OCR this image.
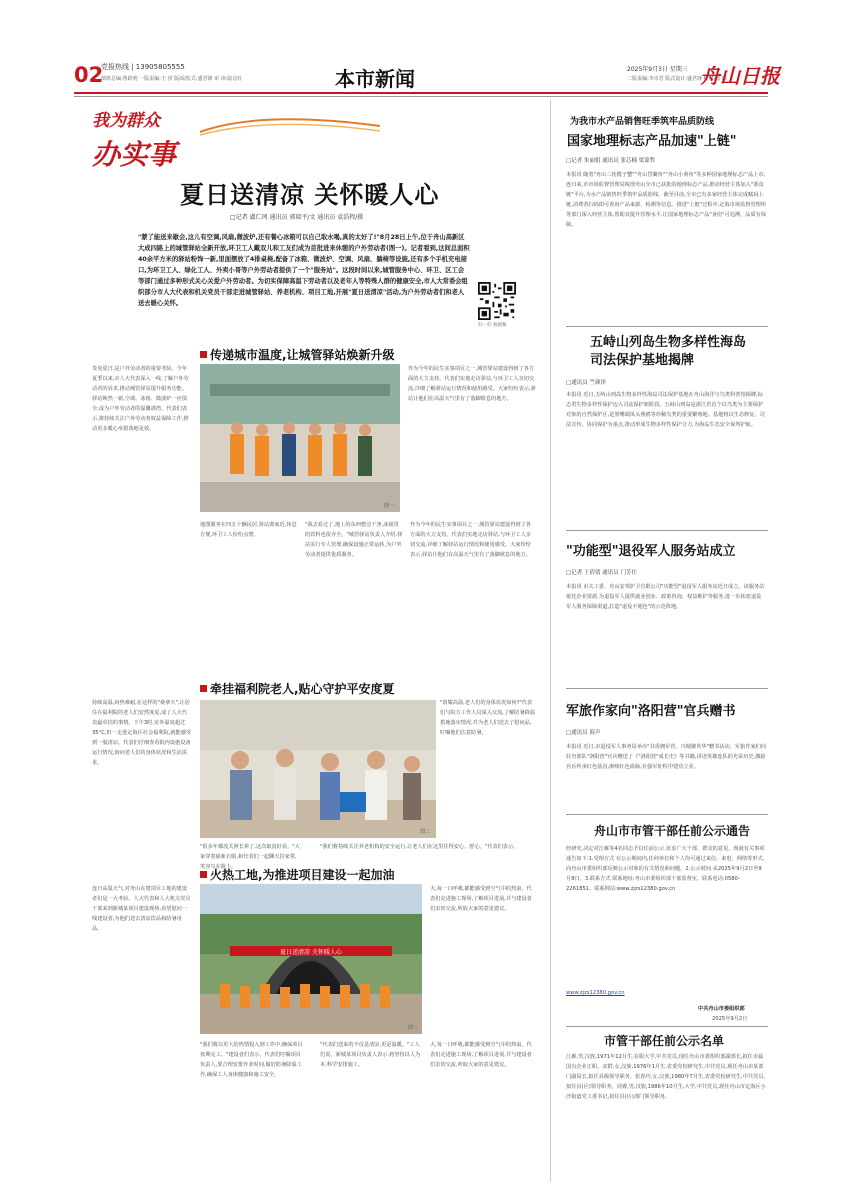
02
党报热线 | 13905805555
值班总编:鲁跃明 一版责编:王 滢 版面/监式:盛君锋 审 读:陆洁红	本市新闻	2025年9月3日 星期三
二版责编:李卓君 版式设计:盛君锋 校对:陆 琼
舟山日报
我为群众
办实事
夏日送清凉 关怀暖人心
□记者 盧仁珂 通讯员 郭瑞平/文 通讯员 袁浩程/摄
"蒙了能送来歇会,这儿有空调,风扇,微波炉,还有餐心冰箱可以自己取水喝,真的太好了!"8月28日上午,位于舟山高新区大成四路上的城管驿站全新开放,环卫工人戴双儿和工友们成为首批进来休憩的户外劳动者(图一)。记者看到,这间总面积40余平方米的驿站粉饰一新,里面摆放了4排桌椅,配备了冰箱、微波炉、空调、风扇、躺椅等设施,还有多个手机充电接口,为环卫工人、绿化工人、外卖小哥等户外劳动者提供了一个"服务站"。这段时间以来,城管服务中心、环卫、区工会等部门通过多种形式关心关爱户外劳动者。为切实保障高温下劳动者以及老年人等特殊人群的健康安全,市人大常委会组织部分市人大代表和机关党员干部走进城管驿站、养老机构、项目工地,开展"夏日送清凉"活动,为户外劳动者们和老人送去暖心关怀。
扫一扫 看视频
传递城市温度,让城管驿站焕新升级
炎炎夏日,是户外劳动者的重要考验。今年夏季以来,市人大代表深入一线,了解户外劳动者的诉求,推动城管驿站提升服务功能。驿站焕然一新,空调、冰箱、微波炉一应俱全,成为户外劳动者的温馨港湾。代表们表示,将持续关注户外劳动者权益保障工作,推动更多暖心举措落地见效。
图一
作为今年的民生实事项目之一,城管驿站建设得到了各方面的大力支持。代表们实地走访驿站,与环卫工人亲切交流,详细了解驿站运行情况和使用感受。大家纷纷表示,驿站让他们在高温天气里有了落脚歇息的地方。
地图服务在四五十辆民居,驿站离家近,休息方便,环卫工人纷纷点赞。
"我去看过了,地上的东西整洁干净,冰箱里的饮料也很齐全。"城管驿站负责人介绍,驿站实行专人管理,确保设施正常运转,为户外劳动者提供优质服务。
作为今年的民生实事项目之一,城管驿站建设得到了各方面的大力支持。代表们实地走访驿站,与环卫工人亲切交流,详细了解驿站运行情况和使用感受。大家纷纷表示,驿站让他们在高温天气里有了落脚歇息的地方。
牵挂福利院老人,贴心守护平安度夏
持续高温,闷热难耐,在这样的"桑拿天",让居住在福利院的老人们安然度夏,成了人大代表最牵挂的事情。下午3时,室外温度超过35°C,但一走进定海区社会福利院,就能感受到一股清凉。代表们仔细查看院内设施设备运行情况,询问老人们的身体状况和生活需求。
图二
"消耀高温,老人们的身体状况如何?"代表们与院方工作人员深入交流,了解防暑降温措施落实情况,并为老人们送去了慰问品,叮嘱他们注意防暑。
"很多年都没关照长辈了,这次取真好看。"大家穿着崭新衣服,和代表们一起聊天拉家常,笑容写在脸上。
"我们将持续关注养老机构的安全运行,让老人们在这里住得安心、舒心。"代表们表示。
火热工地,为推进项目建设一起加油
连日高温天气,对舟山在建项目工地的建设者们是一大考验。人大代表和人大机关党员干部来到新城某项目建设现场,看望慰问一线建设者,为他们送去清凉饮品和防暑用品。
夏日送清凉 关怀暖人心
图三
大,每一口呼吸,都能感受到空气中的热浪。代表们走进施工现场,了解项目进展,并与建设者们亲切交流,听取大家的意见建议。
"我们将以更大的热情投入到工作中,确保项目按期完工。"建设者们表示。代表们叮嘱项目负责人,要合理安排作业时间,做好防暑降温工作,确保工人身体健康和施工安全。
"代表们送来的不仅是清凉,更是温暖。"工人们说。新城某项目负责人表示,将坚持以人为本,科学安排施工。
大,每一口呼吸,都能感受到空气中的热浪。代表们走进施工现场,了解项目进展,并与建设者们亲切交流,听取大家的意见建议。
为我市水产品销售旺季筑牢品质防线
国家地理标志产品加速"上链"
□记者 朱丽娟 通讯员 张芯楠 梁蒙哲
本报讯 随着"舟山三抚榄子蟹""舟山岱衢鱼""舟山小黄鱼"等多种国家地理标志产品上市,连日来,市市场监督管理局梳理舟山全市已获批的地理标志产品,推动经营主体加入"浙食链"平台,为水产品销售旺季筑牢品质防线。截至目前,全市已有多家经营主体完成赋码上链,消费者扫码即可查询产品来源、检测等信息。推进"上链"过程中,定海市场监督管理所等部门深入经营主体,帮助其提升管理水平,让国家地理标志产品"身份"可追溯、品质有保障。
五峙山列岛生物多样性海岛司法保护基地揭牌
□通讯员 竺颜泽
本报讯 近日,五峙山列岛生物多样性海岛司法保护基地在舟山海洋与鸟类科普馆揭牌,标志着生物多样性保护迈入司法保护新阶段。五峙山列岛是浙江省首个以鸟类为主要保护对象的自然保护区,是黑嘴端凤头燕鸥等珍稀鸟类的重要繁殖地。基地将以生态修复、司法宣传、协同保护为重点,推动形成生物多样性保护合力,为海岛生态安全保驾护航。
"功能型"退役军人服务站成立
□记者 王倩倩 通讯员 门芳住
本报讯 市关工委、舟山安邦护卫有限公司"功能型"退役军人服务站近日成立。该服务站依托企业资源,为退役军人提供就业创业、政策咨询、权益维护等服务,进一步拓宽退役军人服务保障渠道,打造"退役不褪色"的示范阵地。
军旅作家向"洛阳营"官兵赠书
□通讯员 海声
本报讯 近日,市退役军人事务局举办"书香拥军营、兴城聚英华"赠书活动。军旅作家们向驻舟部队"洛阳营"官兵赠送了《"洛阳营"成长史》等书籍,讲述英雄连队的光荣历史,激励官兵传承红色基因,赓续红色血脉,在强军征程中建功立业。
舟山市市管干部任前公示通告
经研究,决定对江雁等4名同志予以任前公示,征求广大干部、群众的意见。现就有关事项通告如下:1.受理方式 在公示期间内,任何单位和个人均可通过来信、来电、网络等形式,向舟山市委组织部反映公示对象的有关情况和问题。2.公示时间 从2025年9月2日至9月8日。3.联系方式 联系地址:舟山市委组织部干部监督室。联系电话:0580-2261851。联系网站:www.zjzs12380.gov.cn
www.zjzs12380.gov.cn
中共舟山市委组织部
2025年9月2日
市管干部任前公示名单
江雁,男,汉族,1971年12月生,在职大学,中共党员,现任舟山市委组织部副部长,拟任市属国有企业正职。宋群,女,汉族,1976年1月生,省委党校研究生,中共党员,现任舟山市某部门副局长,拟任县级领导职务。张春玲,女,汉族,1980年7月生,省委党校研究生,中共党员,拟任县(区)领导职务。周睿,男,汉族,1986年10月生,大学,中共党员,现任舟山市定海区小沙街道党工委书记,拟任县(区)部门领导职务。
